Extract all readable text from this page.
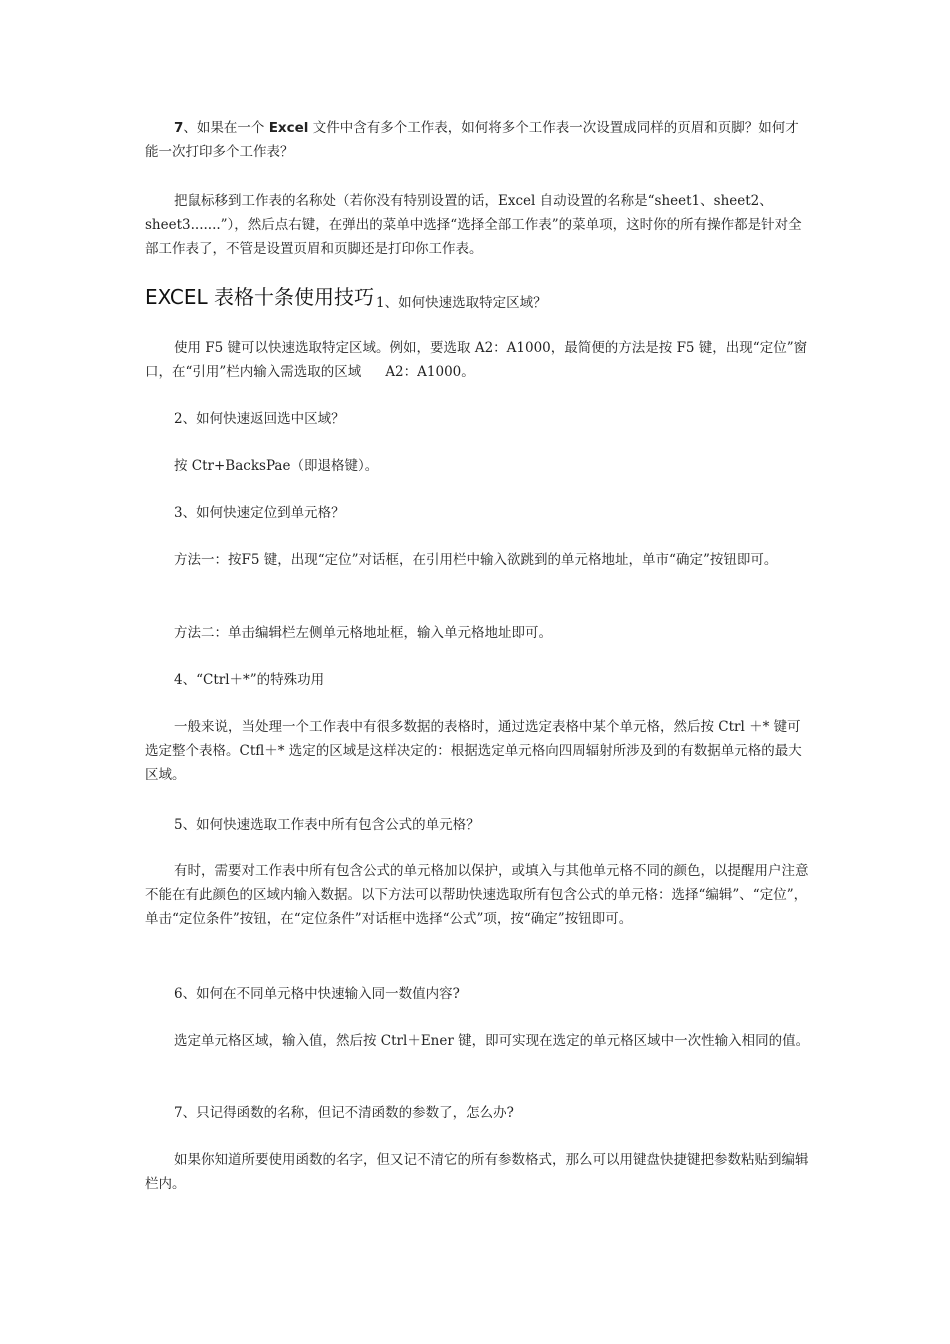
7、如果在一个 Excel 文件中含有多个工作表，如何将多个工作表一次设置成同样的页眉和页脚？如何才能一次打印多个工作表？

把鼠标移到工作表的名称处（若你没有特别设置的话，Excel 自动设置的名称是“sheet1、sheet2、sheet3.......”），然后点右键，在弹出的菜单中选择“选择全部工作表”的菜单项，这时你的所有操作都是针对全部工作表了，不管是设置页眉和页脚还是打印你工作表。

EXCEL 表格十条使用技巧 1、如何快速选取特定区域？

使用 F5 键可以快速选取特定区域。例如，要选取 A2：A1000，最简便的方法是按 F5 键，出现“定位”窗口，在“引用”栏内输入需选取的区域 A2：A1000。

2、如何快速返回选中区域？

按 Ctr+BacksPae（即退格键）。

3、如何快速定位到单元格？

方法一：按F5 键，出现“定位”对话框，在引用栏中输入欲跳到的单元格地址，单市“确定”按钮即可。

方法二：单击编辑栏左侧单元格地址框，输入单元格地址即可。

4、“Ctrl＋*”的特殊功用

一般来说，当处理一个工作表中有很多数据的表格时，通过选定表格中某个单元格，然后按 Ctrl ＋* 键可选定整个表格。Ctfl＋* 选定的区域是这样决定的：根据选定单元格向四周辐射所涉及到的有数据单元格的最大区域。

5、如何快速选取工作表中所有包含公式的单元格？

有时，需要对工作表中所有包含公式的单元格加以保护，或填入与其他单元格不同的颜色，以提醒用户注意不能在有此颜色的区域内输入数据。以下方法可以帮助快速选取所有包含公式的单元格：选择“编辑”、“定位”，单击“定位条件”按钮，在“定位条件”对话框中选择“公式”项，按“确定”按钮即可。

6、如何在不同单元格中快速输入同一数值内容?

选定单元格区域，输入值，然后按 Ctrl＋Ener 键，即可实现在选定的单元格区域中一次性输入相同的值。

7、只记得函数的名称，但记不清函数的参数了，怎么办?

如果你知道所要使用函数的名字，但又记不清它的所有参数格式，那么可以用键盘快捷键把参数粘贴到编辑栏内。
